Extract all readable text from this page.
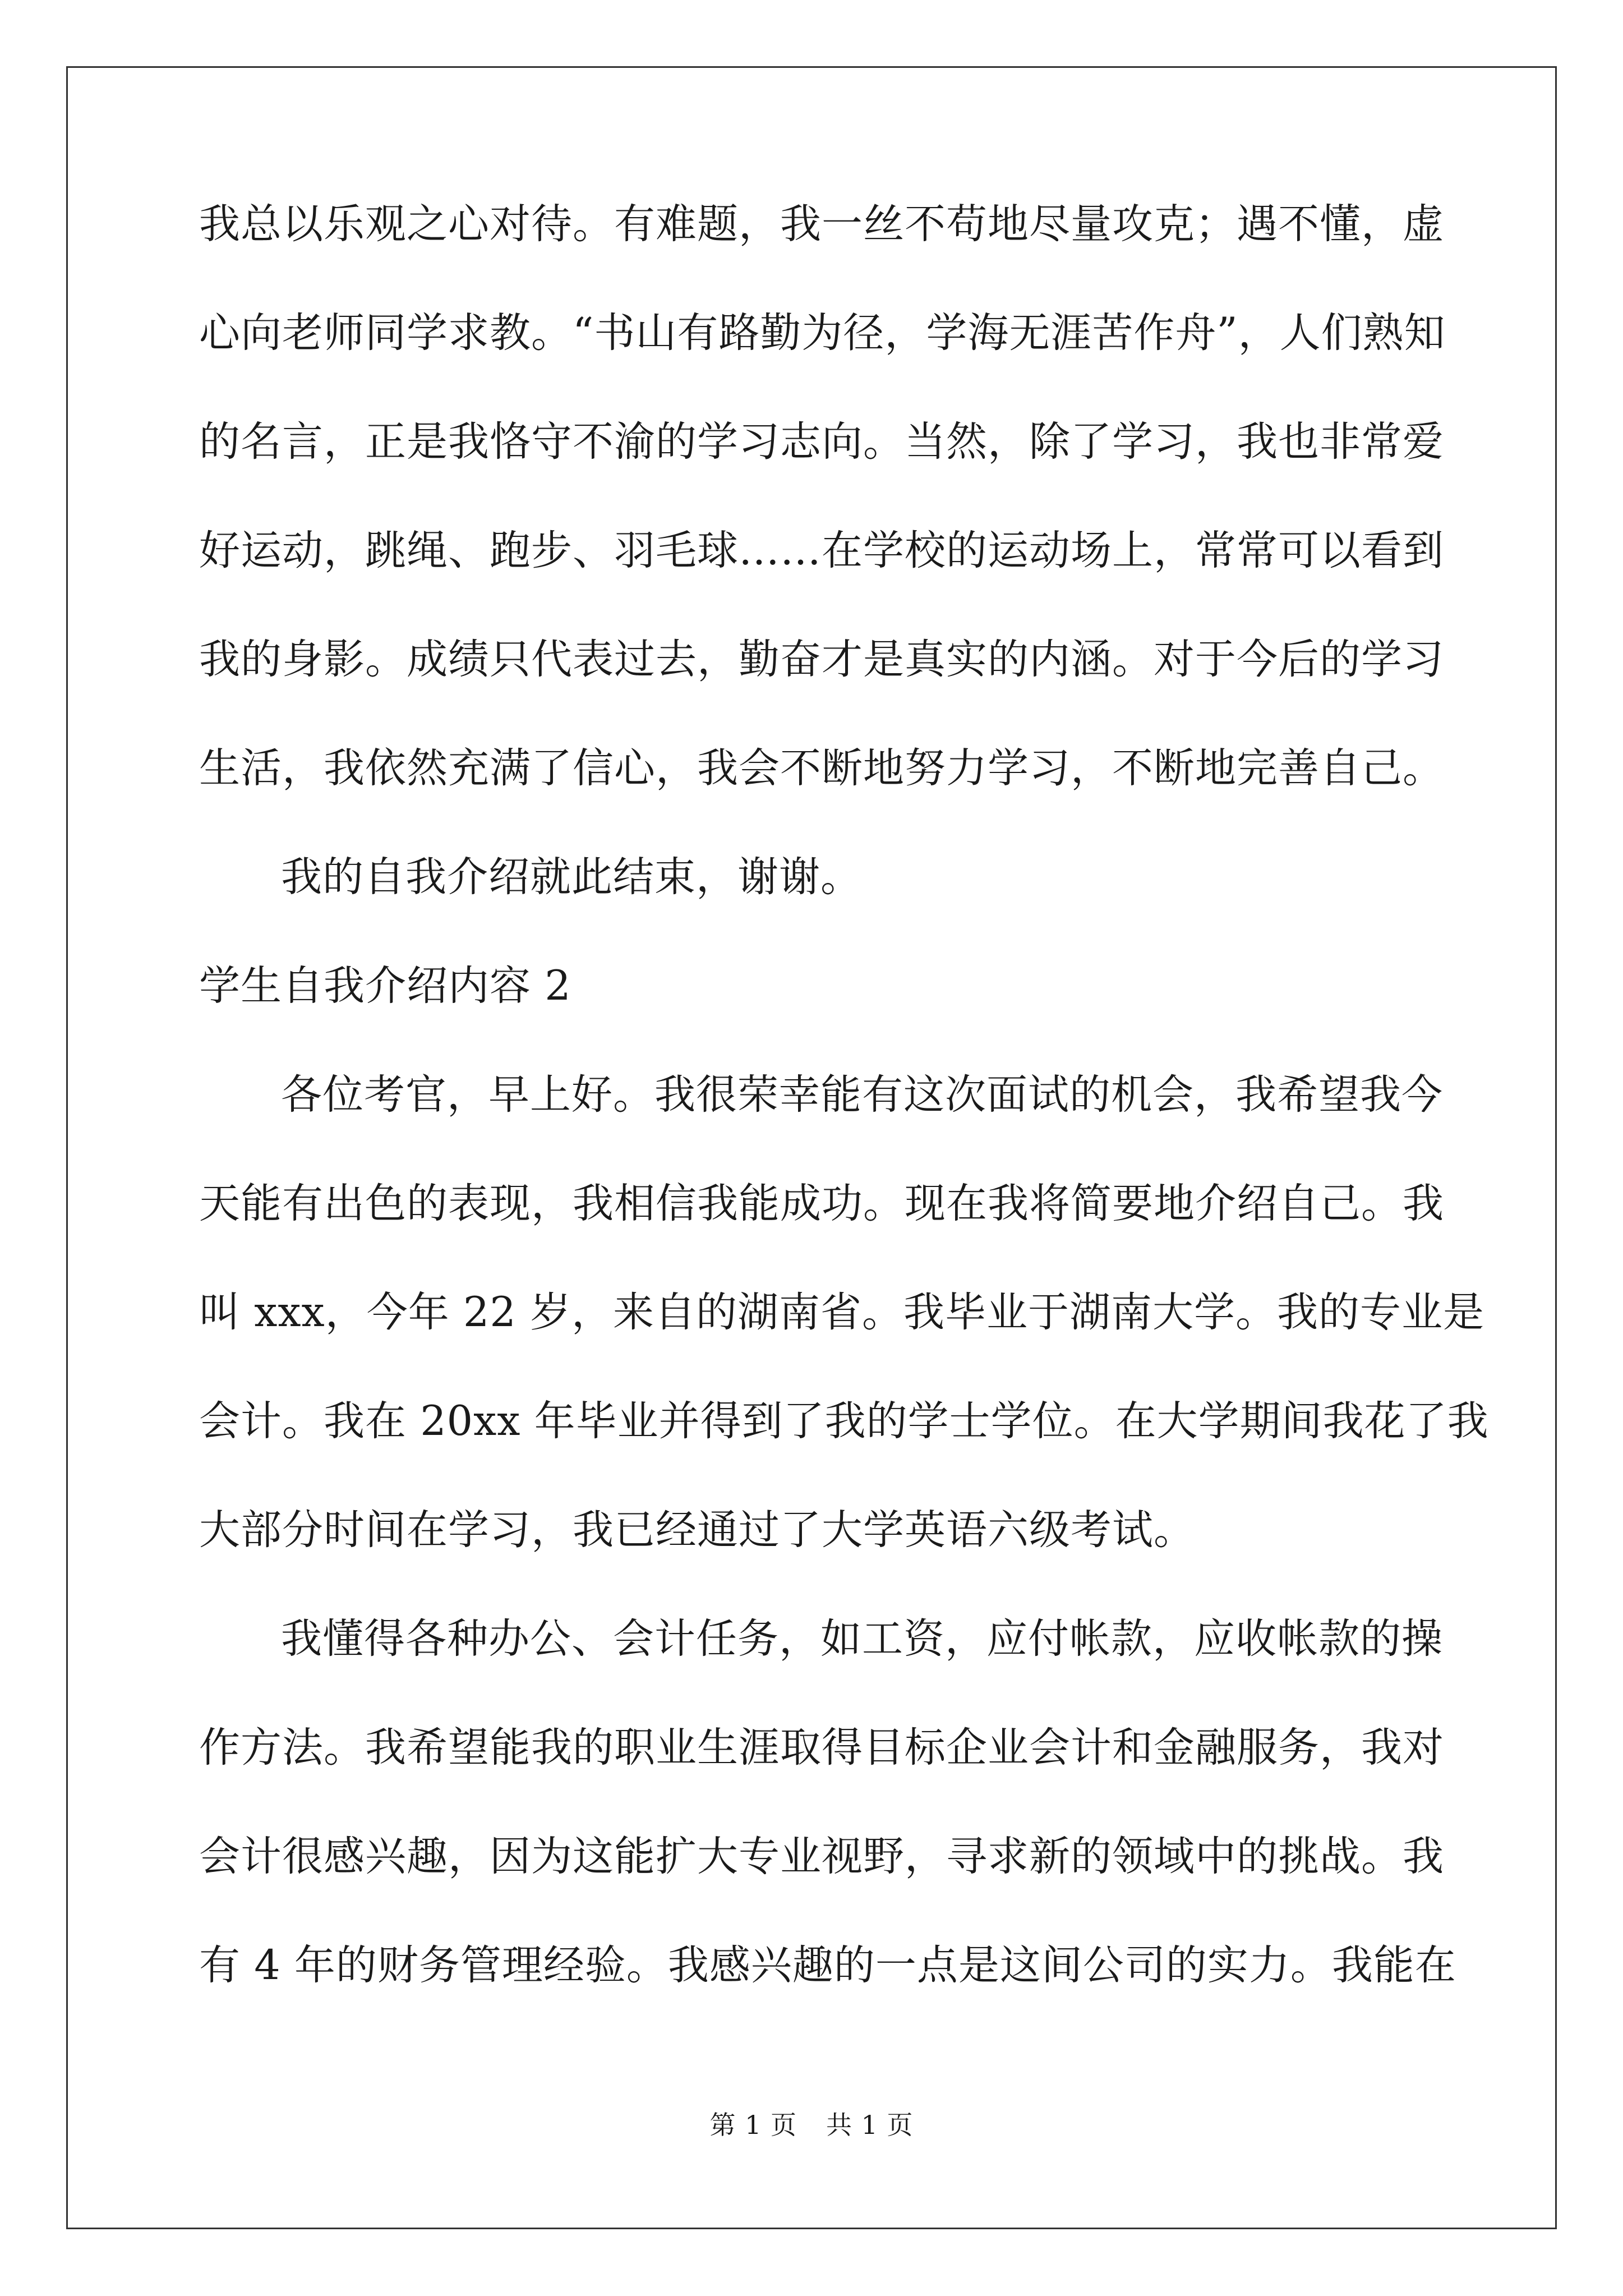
我总以乐观之心对待。有难题，我一丝不苟地尽量攻克；遇不懂，虚
心向老师同学求教。“书山有路勤为径，学海无涯苦作舟”，人们熟知
的名言，正是我恪守不渝的学习志向。当然，除了学习，我也非常爱
好运动，跳绳、跑步、羽毛球……在学校的运动场上，常常可以看到
我的身影。成绩只代表过去，勤奋才是真实的内涵。对于今后的学习
生活，我依然充满了信心，我会不断地努力学习，不断地完善自己。
我的自我介绍就此结束，谢谢。
学生自我介绍内容 2
各位考官，早上好。我很荣幸能有这次面试的机会，我希望我今
天能有出色的表现，我相信我能成功。现在我将简要地介绍自己。我
叫 xxx，今年 22 岁，来自的湖南省。我毕业于湖南大学。我的专业是
会计。我在 20xx 年毕业并得到了我的学士学位。在大学期间我花了我
大部分时间在学习，我已经通过了大学英语六级考试。
我懂得各种办公、会计任务，如工资，应付帐款，应收帐款的操
作方法。我希望能我的职业生涯取得目标企业会计和金融服务，我对
会计很感兴趣，因为这能扩大专业视野，寻求新的领域中的挑战。我
有 4 年的财务管理经验。我感兴趣的一点是这间公司的实力。我能在
第 1 页 共 1 页
